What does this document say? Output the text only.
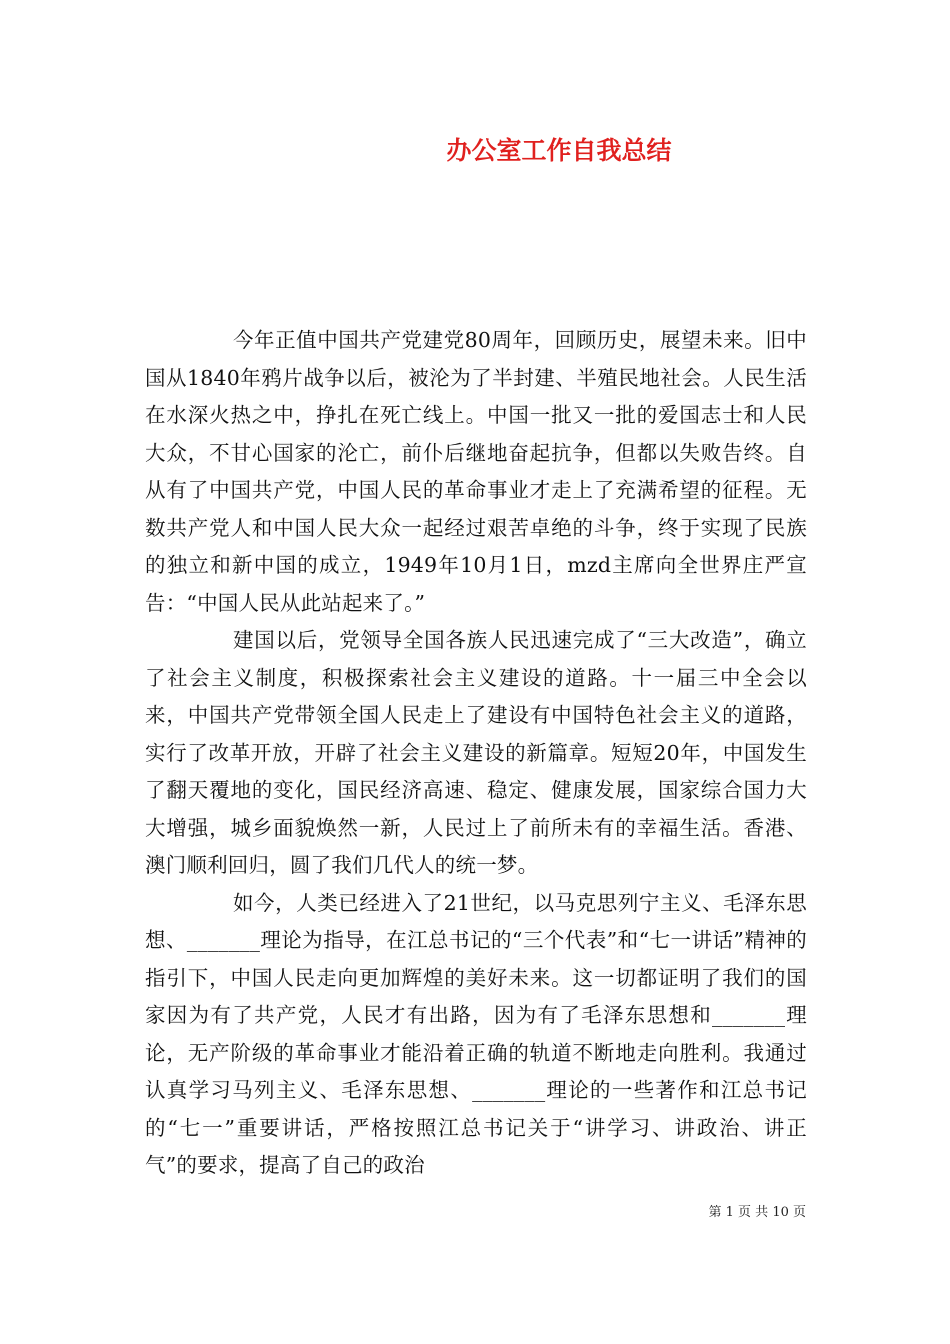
办公室工作自我总结

今年正值中国共产党建党80周年，回顾历史，展望未来。旧中国从1840年鸦片战争以后，被沦为了半封建、半殖民地社会。人民生活在水深火热之中，挣扎在死亡线上。中国一批又一批的爱国志士和人民大众，不甘心国家的沦亡，前仆后继地奋起抗争，但都以失败告终。自从有了中国共产党，中国人民的革命事业才走上了充满希望的征程。无数共产党人和中国人民大众一起经过艰苦卓绝的斗争，终于实现了民族的独立和新中国的成立，1949年10月1日，mzd主席向全世界庄严宣告：“中国人民从此站起来了。”

建国以后，党领导全国各族人民迅速完成了“三大改造”，确立了社会主义制度，积极探索社会主义建设的道路。十一届三中全会以来，中国共产党带领全国人民走上了建设有中国特色社会主义的道路，实行了改革开放，开辟了社会主义建设的新篇章。短短20年，中国发生了翻天覆地的变化，国民经济高速、稳定、健康发展，国家综合国力大大增强，城乡面貌焕然一新，人民过上了前所未有的幸福生活。香港、澳门顺利回归，圆了我们几代人的统一梦。

如今，人类已经进入了21世纪，以马克思列宁主义、毛泽东思想、_______理论为指导，在江总书记的“三个代表”和“七一讲话”精神的指引下，中国人民走向更加辉煌的美好未来。这一切都证明了我们的国家因为有了共产党，人民才有出路，因为有了毛泽东思想和_______理论，无产阶级的革命事业才能沿着正确的轨道不断地走向胜利。我通过认真学习马列主义、毛泽东思想、_______理论的一些著作和江总书记的“七一”重要讲话，严格按照江总书记关于“讲学习、讲政治、讲正气”的要求，提高了自己的政治

第 1 页 共 10 页
